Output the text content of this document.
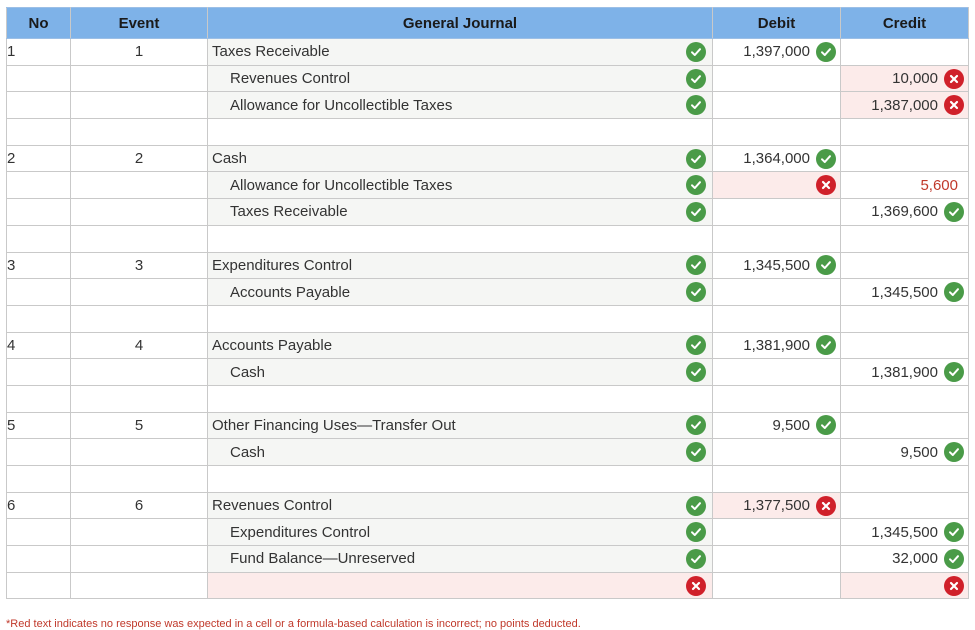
No	Event	General Journal	Debit	Credit
1	1	Taxes Receivable	1,397,000	

		Revenues Control		10,000

		Allowance for Uncollectible Taxes		1,387,000

2	2	Cash	1,364,000	

		Allowance for Uncollectible Taxes		5,600

		Taxes Receivable		1,369,600

3	3	Expenditures Control	1,345,500	

		Accounts Payable		1,345,500

4	4	Accounts Payable	1,381,900	

		Cash		1,381,900

5	5	Other Financing Uses—Transfer Out	9,500	

		Cash		9,500

6	6	Revenues Control	1,377,500	

		Expenditures Control		1,345,500

		Fund Balance—Unreserved		32,000

*Red text indicates no response was expected in a cell or a formula-based calculation is incorrect; no points deducted.
